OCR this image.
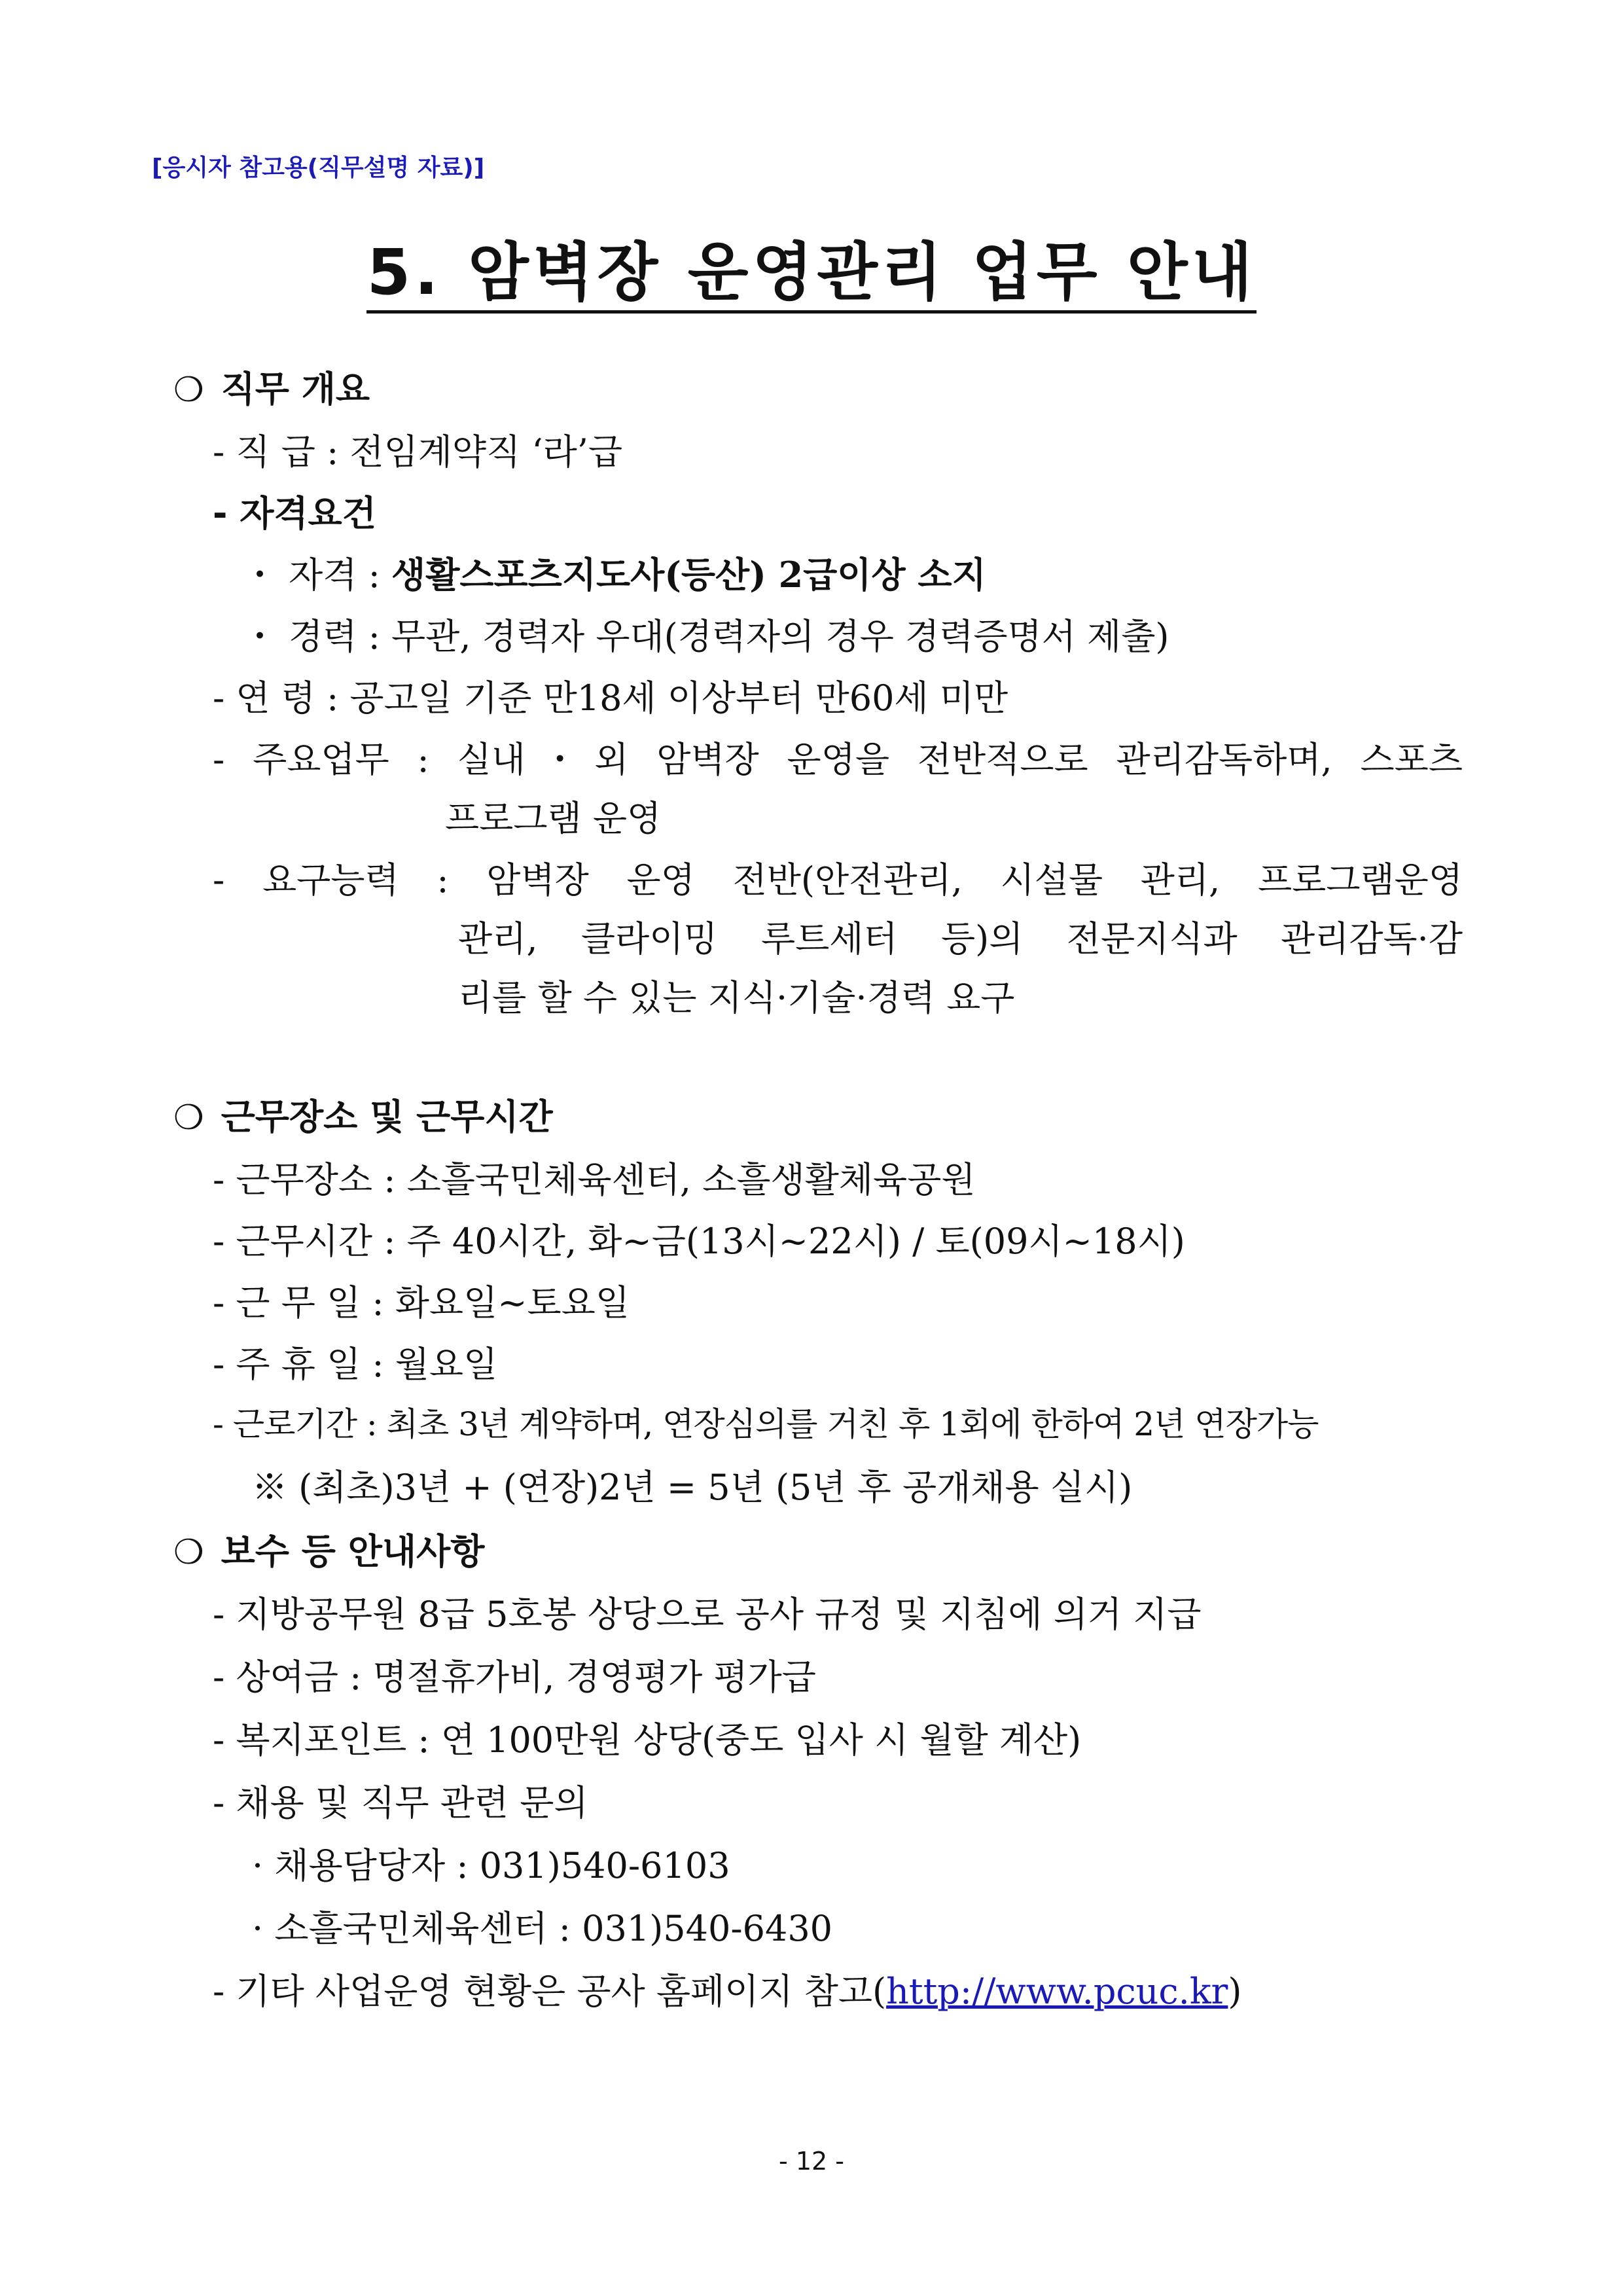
[응시자 참고용(직무설명 자료)]
5. 암벽장 운영관리 업무 안내
❍ 직무 개요
- 직 급 : 전임계약직 ‘라’급
- 자격요건
・ 자격 : 생활스포츠지도사(등산) 2급이상 소지
・ 경력 : 무관, 경력자 우대(경력자의 경우 경력증명서 제출)
- 연 령 : 공고일 기준 만18세 이상부터 만60세 미만
- 주요업무 : 실내・외 암벽장 운영을 전반적으로 관리감독하며, 스포츠
프로그램 운영
- 요구능력 : 암벽장 운영 전반(안전관리, 시설물 관리, 프로그램운영
관리, 클라이밍 루트세터 등)의 전문지식과 관리감독·감
리를 할 수 있는 지식·기술·경력 요구
❍ 근무장소 및 근무시간
- 근무장소 : 소흘국민체육센터, 소흘생활체육공원
- 근무시간 : 주 40시간, 화~금(13시~22시) / 토(09시~18시)
- 근 무 일 : 화요일~토요일
- 주 휴 일 : 월요일
- 근로기간 : 최초 3년 계약하며, 연장심의를 거친 후 1회에 한하여 2년 연장가능
※ (최초)3년 + (연장)2년 = 5년 (5년 후 공개채용 실시)
❍ 보수 등 안내사항
- 지방공무원 8급 5호봉 상당으로 공사 규정 및 지침에 의거 지급
- 상여금 : 명절휴가비, 경영평가 평가급
- 복지포인트 : 연 100만원 상당(중도 입사 시 월할 계산)
- 채용 및 직무 관련 문의
· 채용담당자 : 031)540-6103
· 소흘국민체육센터 : 031)540-6430
- 기타 사업운영 현황은 공사 홈페이지 참고(http://www.pcuc.kr)
- 12 -
